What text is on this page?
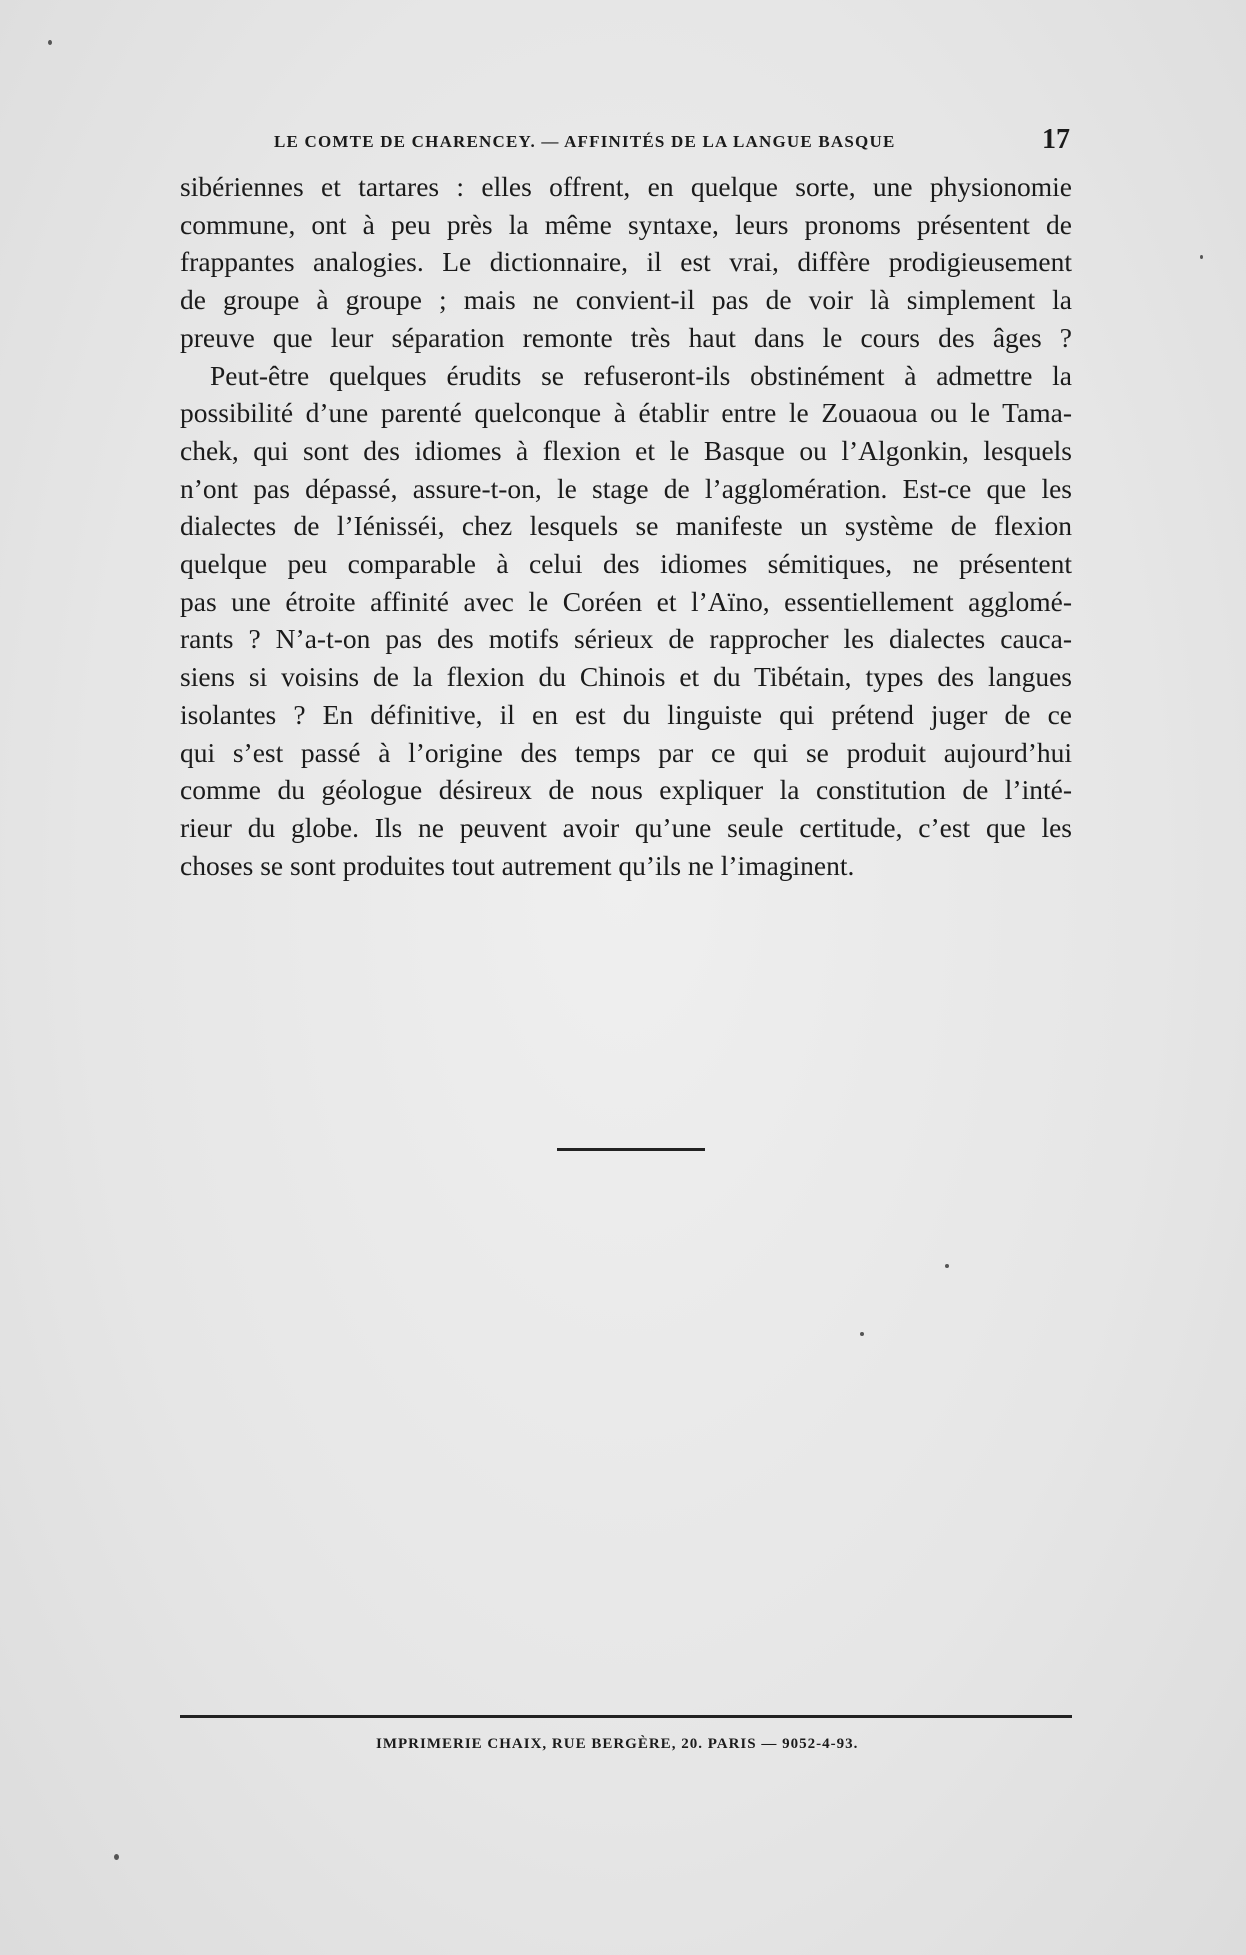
LE COMTE DE CHARENCEY. — AFFINITÉS DE LA LANGUE BASQUE	17
sibériennes et tartares : elles offrent, en quelque sorte, une physionomie
commune, ont à peu près la même syntaxe, leurs pronoms présentent de
frappantes analogies. Le dictionnaire, il est vrai, diffère prodigieusement
de groupe à groupe ; mais ne convient-il pas de voir là simplement la
preuve que leur séparation remonte très haut dans le cours des âges ?
Peut-être quelques érudits se refuseront-ils obstinément à admettre la
possibilité d’une parenté quelconque à établir entre le Zouaoua ou le Tama-
chek, qui sont des idiomes à flexion et le Basque ou l’Algonkin, lesquels
n’ont pas dépassé, assure-t-on, le stage de l’agglomération. Est-ce que les
dialectes de l’Iénisséi, chez lesquels se manifeste un système de flexion
quelque peu comparable à celui des idiomes sémitiques, ne présentent
pas une étroite affinité avec le Coréen et l’Aïno, essentiellement agglomé-
rants ? N’a-t-on pas des motifs sérieux de rapprocher les dialectes cauca-
siens si voisins de la flexion du Chinois et du Tibétain, types des langues
isolantes ? En définitive, il en est du linguiste qui prétend juger de ce
qui s’est passé à l’origine des temps par ce qui se produit aujourd’hui
comme du géologue désireux de nous expliquer la constitution de l’inté-
rieur du globe. Ils ne peuvent avoir qu’une seule certitude, c’est que les
choses se sont produites tout autrement qu’ils ne l’imaginent.
IMPRIMERIE CHAIX, RUE BERGÈRE, 20. PARIS — 9052-4-93.
